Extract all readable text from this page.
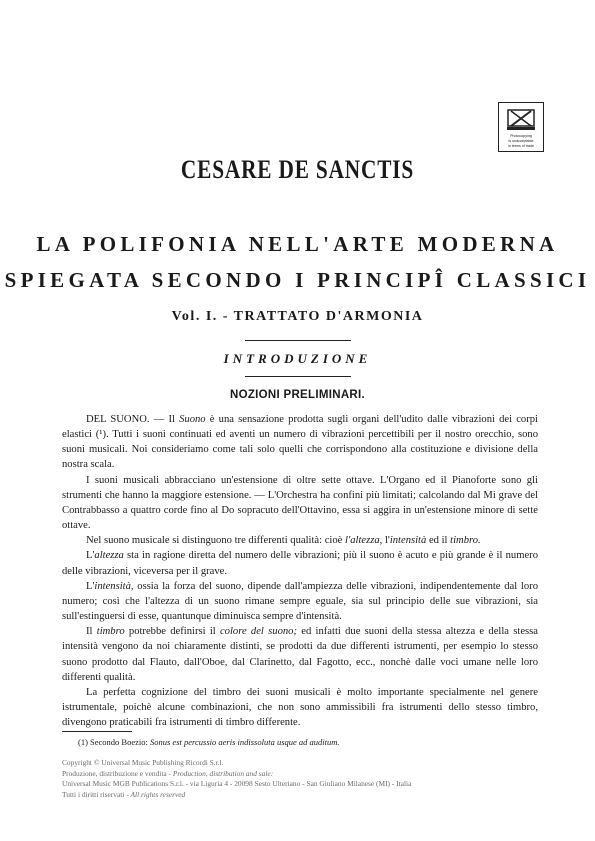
Photocopying
is unacceptable
in terms of trade
CESARE DE SANCTIS
LA POLIFONIA NELL'ARTE MODERNA
SPIEGATA SECONDO I PRINCIPÎ CLASSICI
Vol. I. - TRATTATO D'ARMONIA
INTRODUZIONE
NOZIONI PRELIMINARI.

DEL SUONO. — Il Suono è una sensazione prodotta sugli organi dell'udito dalle vibrazioni dei corpi elastici (¹). Tutti i suoni continuati ed aventi un numero di vibrazioni percettibili per il nostro orecchio, sono suoni musicali. Noi consideriamo come tali solo quelli che corrispondono alla costituzione e divisione della nostra scala.

I suoni musicali abbracciano un'estensione di oltre sette ottave. L'Organo ed il Pianoforte sono gli strumenti che hanno la maggiore estensione. — L'Orchestra ha confini più limitati; calcolando dal Mi grave del Contrabbasso a quattro corde fino al Do sopracuto dell'Ottavino, essa si aggira in un'estensione minore di sette ottave.

Nel suono musicale si distinguono tre differenti qualità: cioè l'altezza, l'intensità ed il timbro.

L'altezza sta in ragione diretta del numero delle vibrazioni; più il suono è acuto e più grande è il numero delle vibrazioni, viceversa per il grave.

L'intensità, ossia la forza del suono, dipende dall'ampiezza delle vibrazioni, indipendentemente dal loro numero; così che l'altezza di un suono rimane sempre eguale, sia sul principio delle sue vibrazioni, sia sull'estinguersi di esse, quantunque diminuisca sempre d'intensità.

Il timbro potrebbe definirsi il colore del suono; ed infatti due suoni della stessa altezza e della stessa intensità vengono da noi chiaramente distinti, se prodotti da due differenti istrumenti, per esempio lo stesso suono prodotto dal Flauto, dall'Oboe, dal Clarinetto, dal Fagotto, ecc., nonchè dalle voci umane nelle loro differenti qualità.

La perfetta cognizione del timbro dei suoni musicali è molto importante specialmente nel genere istrumentale, poichè alcune combinazioni, che non sono ammissibili fra istrumenti dello stesso timbro, divengono praticabili fra istrumenti di timbro differente.

(1) Secondo Boezio: Sonus est percussio aeris indissoluta usque ad auditum.
Copyright © Universal Music Publishing Ricordi S.r.l.
Produzione, distribuzione e vendita - Production, distribution and sale:
Universal Music MGB Publications S.r.l. - via Liguria 4 - 20098 Sesto Ulteriano - San Giuliano Milanese (MI) - Italia
Tutti i diritti riservati - All rights reserved
